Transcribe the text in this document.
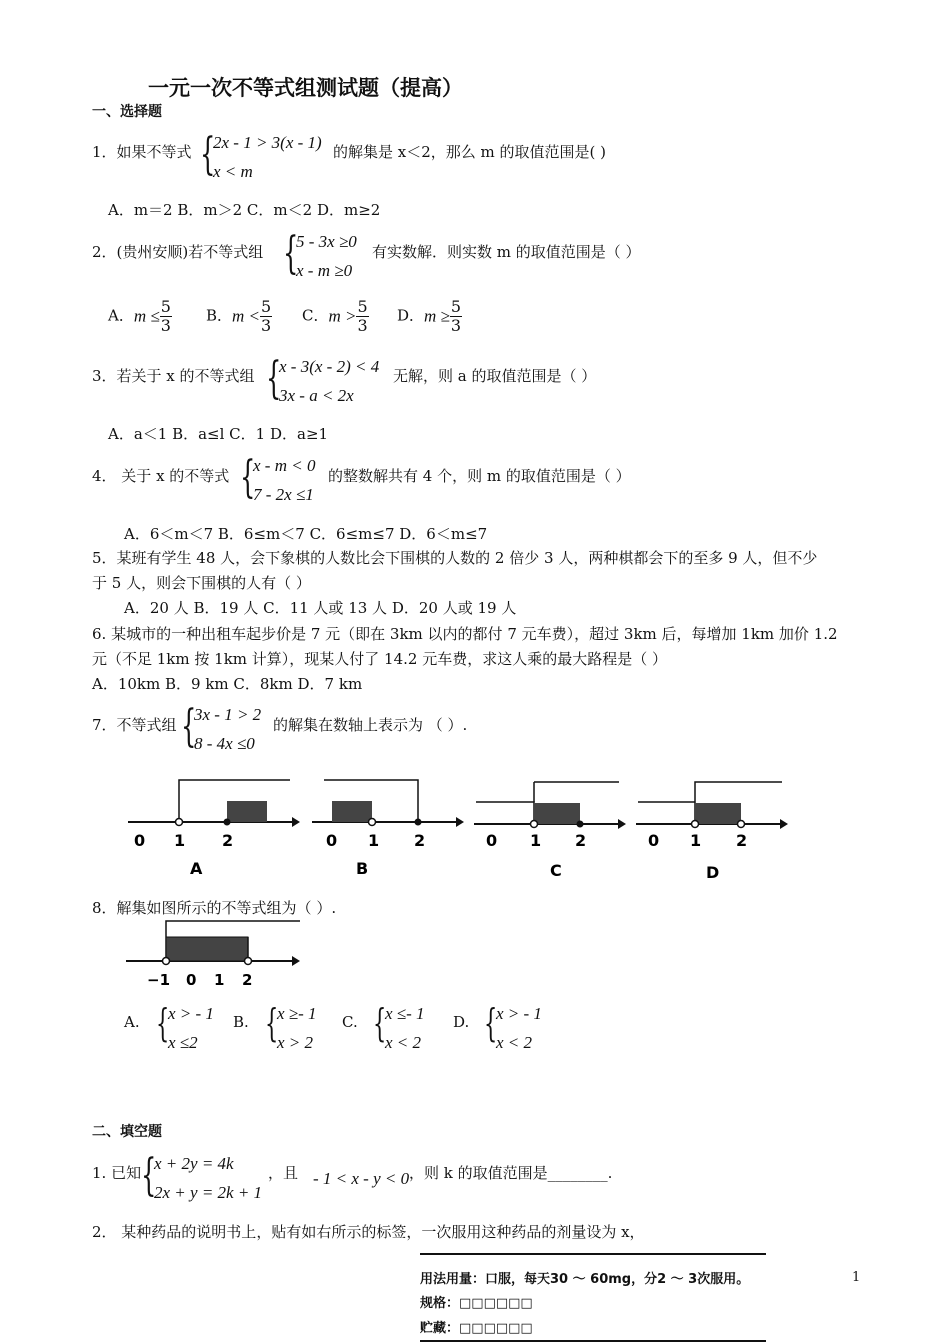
一元一次不等式组测试题（提高）
一、选择题
1．如果不等式 {
2x - 1 > 3(x - 1)
x < m
的解集是 x＜2，那么 m 的取值范围是( )
A．m＝2 B．m＞2 C．m＜2 D．m≥2
2．(贵州安顺)若不等式组 {
5 - 3x ≥0
x - m ≥0
有实数解．则实数 m 的取值范围是（ ）
A．$m \le \frac{5}{3}$ B．$m < \frac{5}{3}$ C．$m > \frac{5}{3}$ D．$m \ge \frac{5}{3}$
3．若关于 x 的不等式组 {
x - 3(x - 2) < 4
3x - a < 2x
无解，则 a 的取值范围是（ ）
A．a＜1 B．a≤l C．1 D．a≥1
4． 关于 x 的不等式 {
x - m < 0
7 - 2x ≤1
的整数解共有 4 个，则 m 的取值范围是（ ）
A．6＜m＜7 B．6≤m＜7 C．6≤m≤7 D．6＜m≤7
5．某班有学生 48 人，会下象棋的人数比会下围棋的人数的 2 倍少 3 人，两种棋都会下的至多 9 人，但不少
于 5 人，则会下围棋的人有（ ）
A．20 人 B．19 人 C．11 人或 13 人 D．20 人或 19 人
6. 某城市的一种出租车起步价是 7 元（即在 3km 以内的都付 7 元车费），超过 3km 后，每增加 1km 加价 1.2
元（不足 1km 按 1km 计算），现某人付了 14.2 元车费，求这人乘的最大路程是（ ）
A．10km B．9 km C．8km D．7 km
7．不等式组 {
3x - 1 > 2
8 - 4x ≤0
的解集在数轴上表示为 （ ）.
0 1 2
A
0 1 2
B
0 1 2
C
0 1 2
D
8．解集如图所示的不等式组为（ ）.
−1 0 1 2
A. {
x > - 1
x ≤2
B. {
x ≥- 1
x > 2
C. {
x ≤- 1
x < 2
D. {
x > - 1
x < 2
二、填空题
1. 已知 {
x + 2y = 4k
2x + y = 2k + 1
，且 - 1 < x - y < 0 ，则 k 的取值范围是________.
2． 某种药品的说明书上，贴有如右所示的标签，一次服用这种药品的剂量设为 x，
用法用量：口服，每天30 ～ 60mg，分2 ～ 3次服用。
规格：□□□□□□
贮藏：□□□□□□
1
